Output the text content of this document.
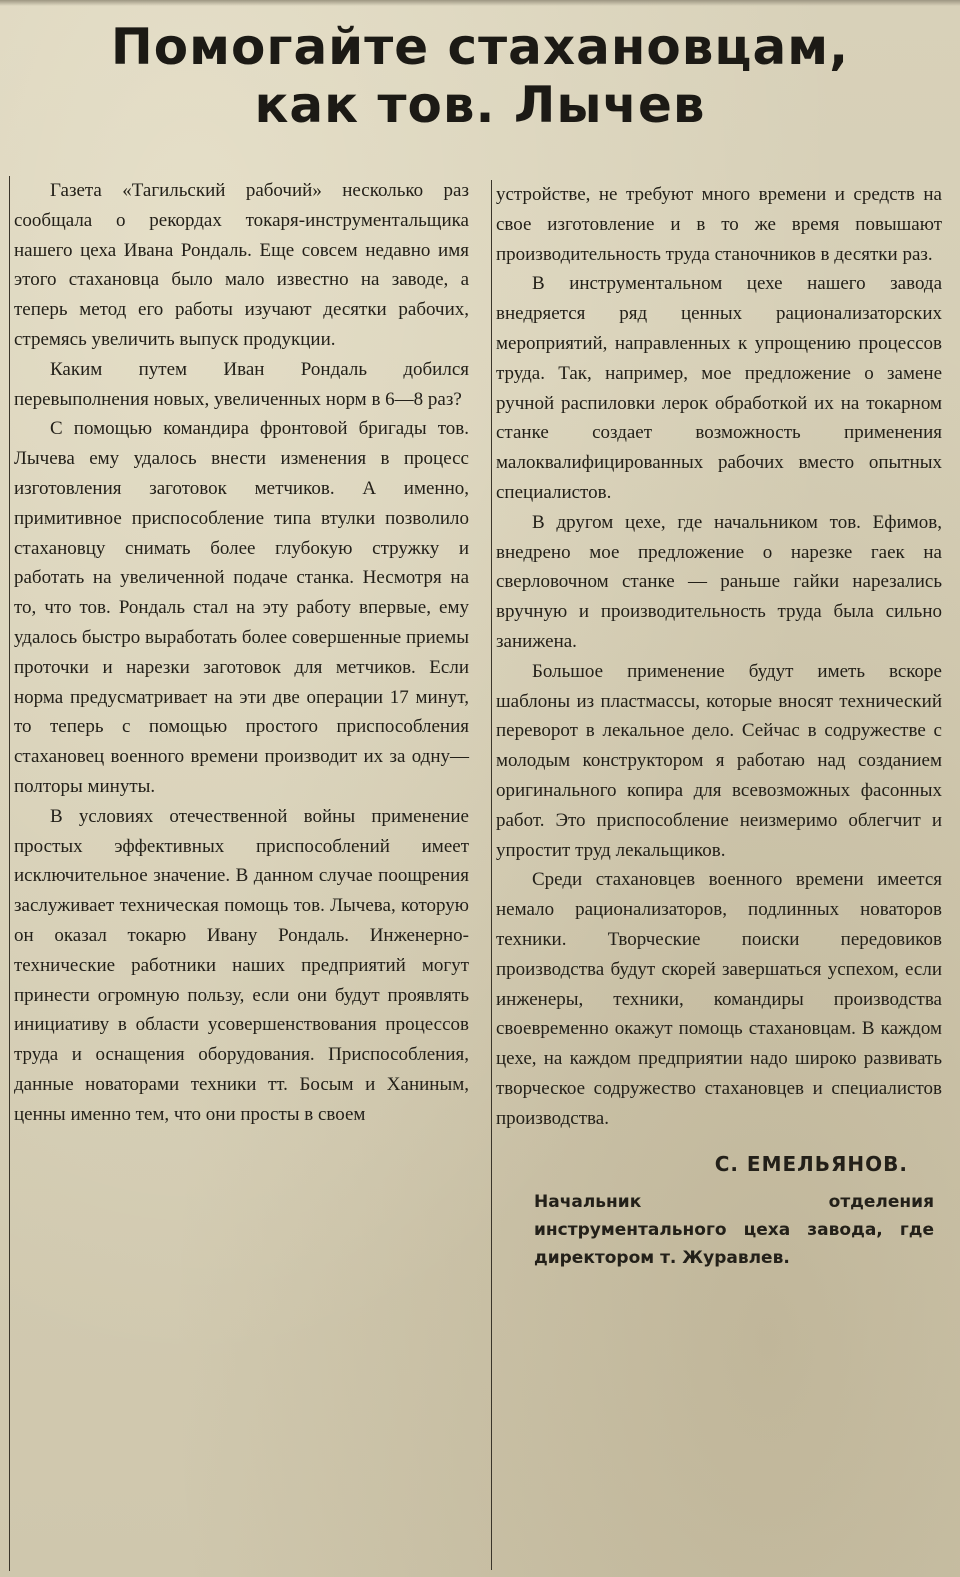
Помогайте стахановцам,
как тов. Лычев

Газета «Тагильский рабочий» несколько раз сообщала о рекордах токаря-инструментальщика нашего цеха Ивана Рондаль. Еще совсем недавно имя этого стахановца было мало известно на заводе, а теперь метод его работы изучают десятки рабочих, стремясь увеличить выпуск продукции.

Каким путем Иван Рондаль добился перевыполнения новых, увеличенных норм в 6—8 раз?

С помощью командира фронтовой бригады тов. Лычева ему удалось внести изменения в процесс изготовления заготовок метчиков. А именно, примитивное приспособление типа втулки позволило стахановцу снимать более глубокую стружку и работать на увеличенной подаче станка. Несмотря на то, что тов. Рондаль стал на эту работу впервые, ему удалось быстро выработать более совершенные приемы проточки и нарезки заготовок для метчиков. Если норма предусматривает на эти две операции 17 минут, то теперь с помощью простого приспособления стахановец военного времени производит их за одну—полторы минуты.

В условиях отечественной войны применение простых эффективных приспособлений имеет исключительное значение. В данном случае поощрения заслуживает техническая помощь тов. Лычева, которую он оказал токарю Ивану Рондаль. Инженерно-технические работники наших предприятий могут принести огромную пользу, если они будут проявлять инициативу в области усовершенствования процессов труда и оснащения оборудования. Приспособления, данные новаторами техники тт. Босым и Ханиным, ценны именно тем, что они просты в своем

устройстве, не требуют много времени и средств на свое изготовление и в то же время повышают производительность труда станочников в десятки раз.

В инструментальном цехе нашего завода внедряется ряд ценных рационализаторских мероприятий, направленных к упрощению процессов труда. Так, например, мое предложение о замене ручной распиловки лерок обработкой их на токарном станке создает возможность применения малоквалифицированных рабочих вместо опытных специалистов.

В другом цехе, где начальником тов. Ефимов, внедрено мое предложение о нарезке гаек на сверловочном станке — раньше гайки нарезались вручную и производительность труда была сильно занижена.

Большое применение будут иметь вскоре шаблоны из пластмассы, которые вносят технический переворот в лекальное дело. Сейчас в содружестве с молодым конструктором я работаю над созданием оригинального копира для всевозможных фасонных работ. Это приспособление неизмеримо облегчит и упростит труд лекальщиков.

Среди стахановцев военного времени имеется немало рационализаторов, подлинных новаторов техники. Творческие поиски передовиков производства будут скорей завершаться успехом, если инженеры, техники, командиры производства своевременно окажут помощь стахановцам. В каждом цехе, на каждом предприятии надо широко развивать творческое содружество стахановцев и специалистов производства.

С. ЕМЕЛЬЯНОВ.
Начальник отделения инструментального цеха завода, где директором т. Журавлев.
